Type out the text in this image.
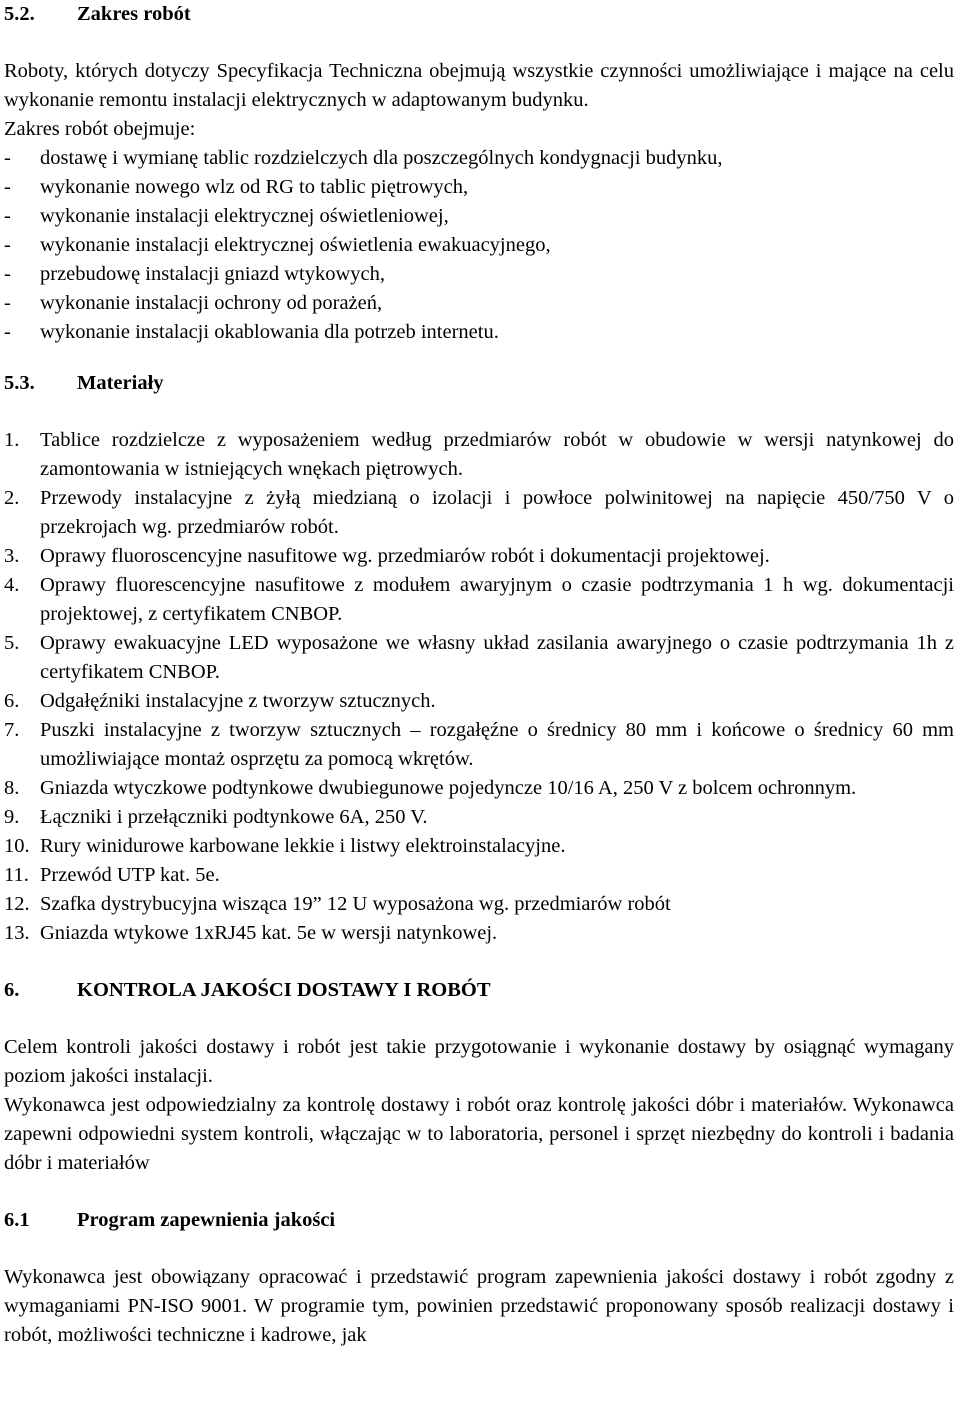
5.2.	Zakres robót

Roboty, których dotyczy Specyfikacja Techniczna obejmują wszystkie czynności umożliwiające i mające na celu wykonanie remontu instalacji elektrycznych w adaptowanym budynku.

Zakres robót obejmuje:

-	dostawę i wymianę tablic rozdzielczych dla poszczególnych kondygnacji budynku,
-	wykonanie nowego wlz od RG to tablic piętrowych,
-	wykonanie instalacji elektrycznej oświetleniowej,
-	wykonanie instalacji elektrycznej oświetlenia ewakuacyjnego,
-	przebudowę instalacji gniazd wtykowych,
-	wykonanie instalacji ochrony od porażeń,
-	wykonanie instalacji okablowania dla potrzeb internetu.
5.3.	Materiały
1.	Tablice rozdzielcze z wyposażeniem według przedmiarów robót w obudowie w wersji natynkowej do zamontowania w istniejących wnękach piętrowych.
2.	Przewody instalacyjne z żyłą miedzianą o izolacji i powłoce polwinitowej na napięcie 450/750 V o przekrojach wg. przedmiarów robót.
3.	Oprawy fluoroscencyjne nasufitowe wg. przedmiarów robót i dokumentacji projektowej.
4.	Oprawy fluorescencyjne nasufitowe z modułem awaryjnym o czasie podtrzymania 1 h wg. dokumentacji projektowej, z certyfikatem CNBOP.
5.	Oprawy ewakuacyjne LED wyposażone we własny układ zasilania awaryjnego o czasie podtrzymania 1h z certyfikatem CNBOP.
6.	Odgałęźniki instalacyjne z tworzyw sztucznych.
7.	Puszki instalacyjne z tworzyw sztucznych – rozgałęźne o średnicy 80 mm i końcowe o średnicy 60 mm umożliwiające montaż osprzętu za pomocą wkrętów.
8.	Gniazda wtyczkowe podtynkowe dwubiegunowe pojedyncze 10/16 A, 250 V z bolcem ochronnym.
9.	Łączniki i przełączniki podtynkowe 6A, 250 V.
10. Rury winidurowe karbowane lekkie i listwy elektroinstalacyjne.
11. Przewód UTP kat. 5e.
12. Szafka dystrybucyjna wisząca 19” 12 U wyposażona wg. przedmiarów robót
13. Gniazda wtykowe 1xRJ45 kat. 5e w wersji natynkowej.
6.	KONTROLA JAKOŚCI DOSTAWY I ROBÓT

Celem kontroli jakości dostawy i robót jest takie przygotowanie i wykonanie dostawy by osiągnąć wymagany poziom jakości instalacji.

Wykonawca jest odpowiedzialny za kontrolę dostawy i robót oraz kontrolę jakości dóbr i materiałów. Wykonawca zapewni odpowiedni system kontroli, włączając w to laboratoria, personel i sprzęt niezbędny do kontroli i badania dóbr i materiałów

6.1	Program zapewnienia jakości

Wykonawca jest obowiązany opracować i przedstawić program zapewnienia jakości dostawy i robót zgodny z wymaganiami PN-ISO 9001. W programie tym, powinien przedstawić proponowany sposób realizacji dostawy i robót, możliwości techniczne i kadrowe, jak
